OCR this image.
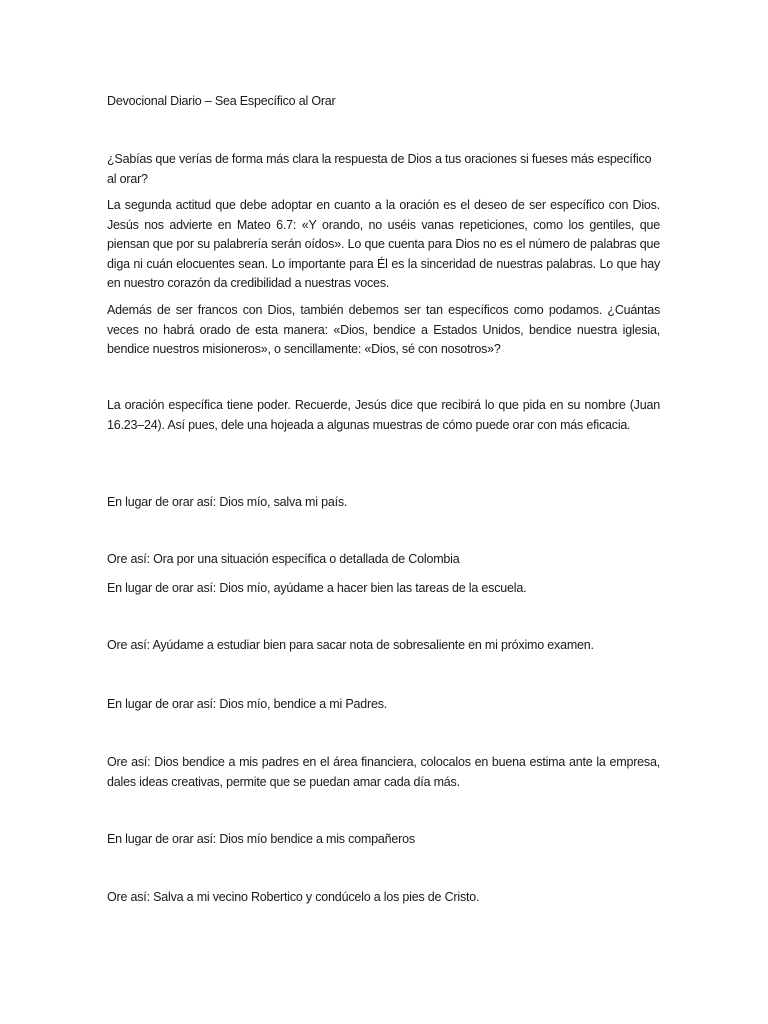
Devocional Diario – Sea Específico al Orar

¿Sabías que verías de forma más clara la respuesta de Dios a tus oraciones si fueses más específico al orar?

La segunda actitud que debe adoptar en cuanto a la oración es el deseo de ser específico con Dios. Jesús nos advierte en Mateo 6.7: «Y orando, no uséis vanas repeticiones, como los gentiles, que piensan que por su palabrería serán oídos». Lo que cuenta para Dios no es el número de palabras que diga ni cuán elocuentes sean. Lo importante para Él es la sinceridad de nuestras palabras. Lo que hay en nuestro corazón da credibilidad a nuestras voces.

Además de ser francos con Dios, también debemos ser tan específicos como podamos. ¿Cuántas veces no habrá orado de esta manera: «Dios, bendice a Estados Unidos, bendice nuestra iglesia, bendice nuestros misioneros», o sencillamente: «Dios, sé con nosotros»?

La oración específica tiene poder. Recuerde, Jesús dice que recibirá lo que pida en su nombre (Juan 16.23–24). Así pues, dele una hojeada a algunas muestras de cómo puede orar con más eficacia.

En lugar de orar así: Dios mío, salva mi país.

Ore así: Ora por una situación específica o detallada de Colombia

En lugar de orar así: Dios mío, ayúdame a hacer bien las tareas de la escuela.

Ore así: Ayúdame a estudiar bien para sacar nota de sobresaliente en mi próximo examen.

En lugar de orar así: Dios mío, bendice a mi Padres.

Ore así: Dios bendice a mis padres en el área financiera, colocalos en buena estima ante la empresa, dales ideas creativas, permite que se puedan amar cada día más.

En lugar de orar así: Dios mío bendice a mis compañeros

Ore así: Salva a mi vecino Robertico y condúcelo a los pies de Cristo.
